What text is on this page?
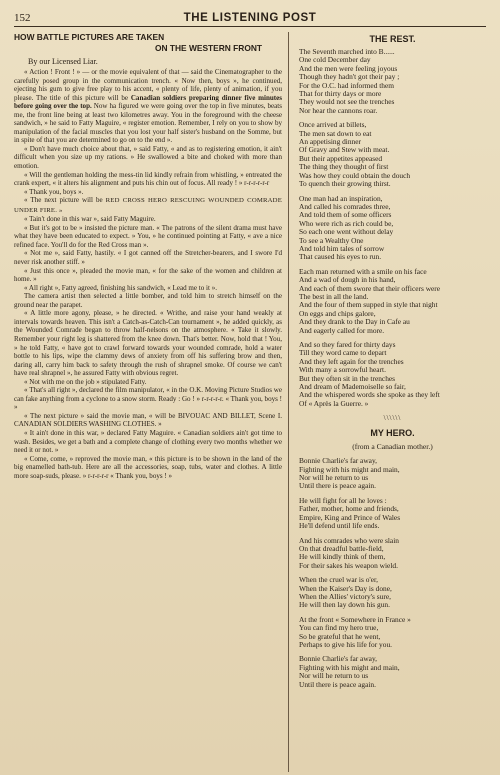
152	THE LISTENING POST
HOW BATTLE PICTURES ARE TAKEN
ON THE WESTERN FRONT
By our Licensed Liar.

« Action ! Front ! » — or the movie equivalent of that — said the Cinematographer to the carefully posed group in the communication trench. « Now then, boys », he continued, ejecting his gum to give free play to his accent, « plenty of life, plenty of animation, if you please. The title of this picture will be Canadian soldiers preparing dinner five minutes before going over the top. Now ha figured we were going over the top in five minutes, beats me, the front line being at least two kilometres away. You in the foreground with the cheese sandwich, » he said to Fatty Maguire, « register emotion. Remember, I rely on you to show by manipulation of the facial muscles that you lost your half sister's husband on the Somme, but in spite of that you are determined to go on to the end ».

« Don't have much choice about that, » said Fatty, « and as to registering emotion, it ain't difficult when you size up my rations. » He swallowed a bite and choked with more than emotion.

« Will the gentleman holding the mess-tin lid kindly refrain from whistling, » entreated the crank expert, « it alters his alignment and puts his chin out of focus. All ready ! » r-r-r-r-r-r

« Thank you, boys ».

« The next picture will be RED CROSS HERO RESCUING WOUNDED COMRADE UNDER FIRE. »

« Tain't done in this war », said Fatty Maguire.

« But it's got to be » insisted the picture man. « The patrons of the silent drama must have what they have been educated to expect. » You, » he continued pointing at Fatty, « ave a nice refined face. You'll do for the Red Cross man ».

« Not me », said Fatty, hastily. « I got canned off the Stretcher-bearers, and I swore I'd never risk another stiff. »

« Just this once », pleaded the movie man, « for the sake of the women and children at home. »

« All right », Fatty agreed, finishing his sandwich, « Lead me to it ».

The camera artist then selected a little bomber, and told him to stretch himself on the ground near the parapet.

« A little more agony, please, » he directed. « Writhe, and raise your hand weakly at intervals towards heaven. This isn't a Catch-as-Catch-Can tournament », he added quickly, as the Wounded Comrade began to throw half-nelsons on the atmosphere. « Take it slowly. Remember your right leg is shattered from the knee down. That's better. Now, hold that ! You, » he told Fatty, « have got to crawl forward towards your wounded comrade, hold a water bottle to his lips, wipe the clammy dews of anxiety from off his suffering brow and then, daring all, carry him back to safety through the rush of shrapnel smoke. Of course we can't have real shrapnel », he assured Fatty with obvious regret.

« Not with me on the job » stipulated Fatty.

« That's all right », declared the film manipulator, « in the O.K. Moving Picture Studios we can fake anything from a cyclone to a snow storm. Ready : Go ! » r-r-r-r-r. « Thank you, boys ! »

« The next picture » said the movie man, « will be BIVOUAC AND BILLET, Scene I. CANADIAN SOLDIERS WASHING CLOTHES. »

« It ain't done in this war, » declared Fatty Maguire. « Canadian soldiers ain't got time to wash. Besides, we get a bath and a complete change of clothing every two months whether we need it or not. »

« Come, come, » reproved the movie man, « this picture is to be shown in the land of the big enamelled bath-tub. Here are all the accessories, soap, tubs, water and clothes. A little more soap-suds, please. » r-r-r-r-r « Thank you, boys ! »

THE REST.
The Seventh marched into B......
One cold December day
And the men were feeling joyous
Though they hadn't got their pay ;
For the O.C. had informed them
That for thirty days or more
They would not see the trenches
Nor hear the cannons roar.
Once arrived at billets,
The men sat down to eat
An appetising dinner
Of Gravy and Stew with meat.
But their appetites appeased
The thing they thought of first
Was how they could obtain the douch
To quench their growing thirst.
One man had an inspiration,
And called his comrades three,
And told them of some officers
Who were rich as rich could be,
So each one went without delay
To see a Wealthy One
And told him tales of sorrow
That caused his eyes to run.
Each man returned with a smile on his face
And a wad of dough in his hand,
And each of them swore that their officers were
The best in all the land.
And the four of them supped in style that night
On eggs and chips galore,
And they drank to the Day in Cafe au
And eagerly called for more.
And so they fared for thirty days
Till they word came to depart
And they left again for the trenches
With many a sorrowful heart.
But they often sit in the trenches
And dream of Mademoiselle so fair,
And the whispered words she spoke as they left
Of « Après la Guerre. »
\\\\\\
MY HERO.
(from a Canadian mother.)
Bonnie Charlie's far away,
Fighting with his might and main,
Nor will he return to us
Until there is peace again.
He will fight for all he loves :
Father, mother, home and friends,
Empire, King and Prince of Wales
He'll defend until life ends.
And his comrades who were slain
On that dreadful battle-field,
He will kindly think of them,
For their sakes his weapon wield.
When the cruel war is o'er,
When the Kaiser's Day is done,
When the Allies' victory's sure,
He will then lay down his gun.
At the front « Somewhere in France »
You can find my hero true,
So be grateful that he went,
Perhaps to give his life for you.
Bonnie Charlie's far away,
Fighting with his might and main,
Nor will he return to us
Until there is peace again.
